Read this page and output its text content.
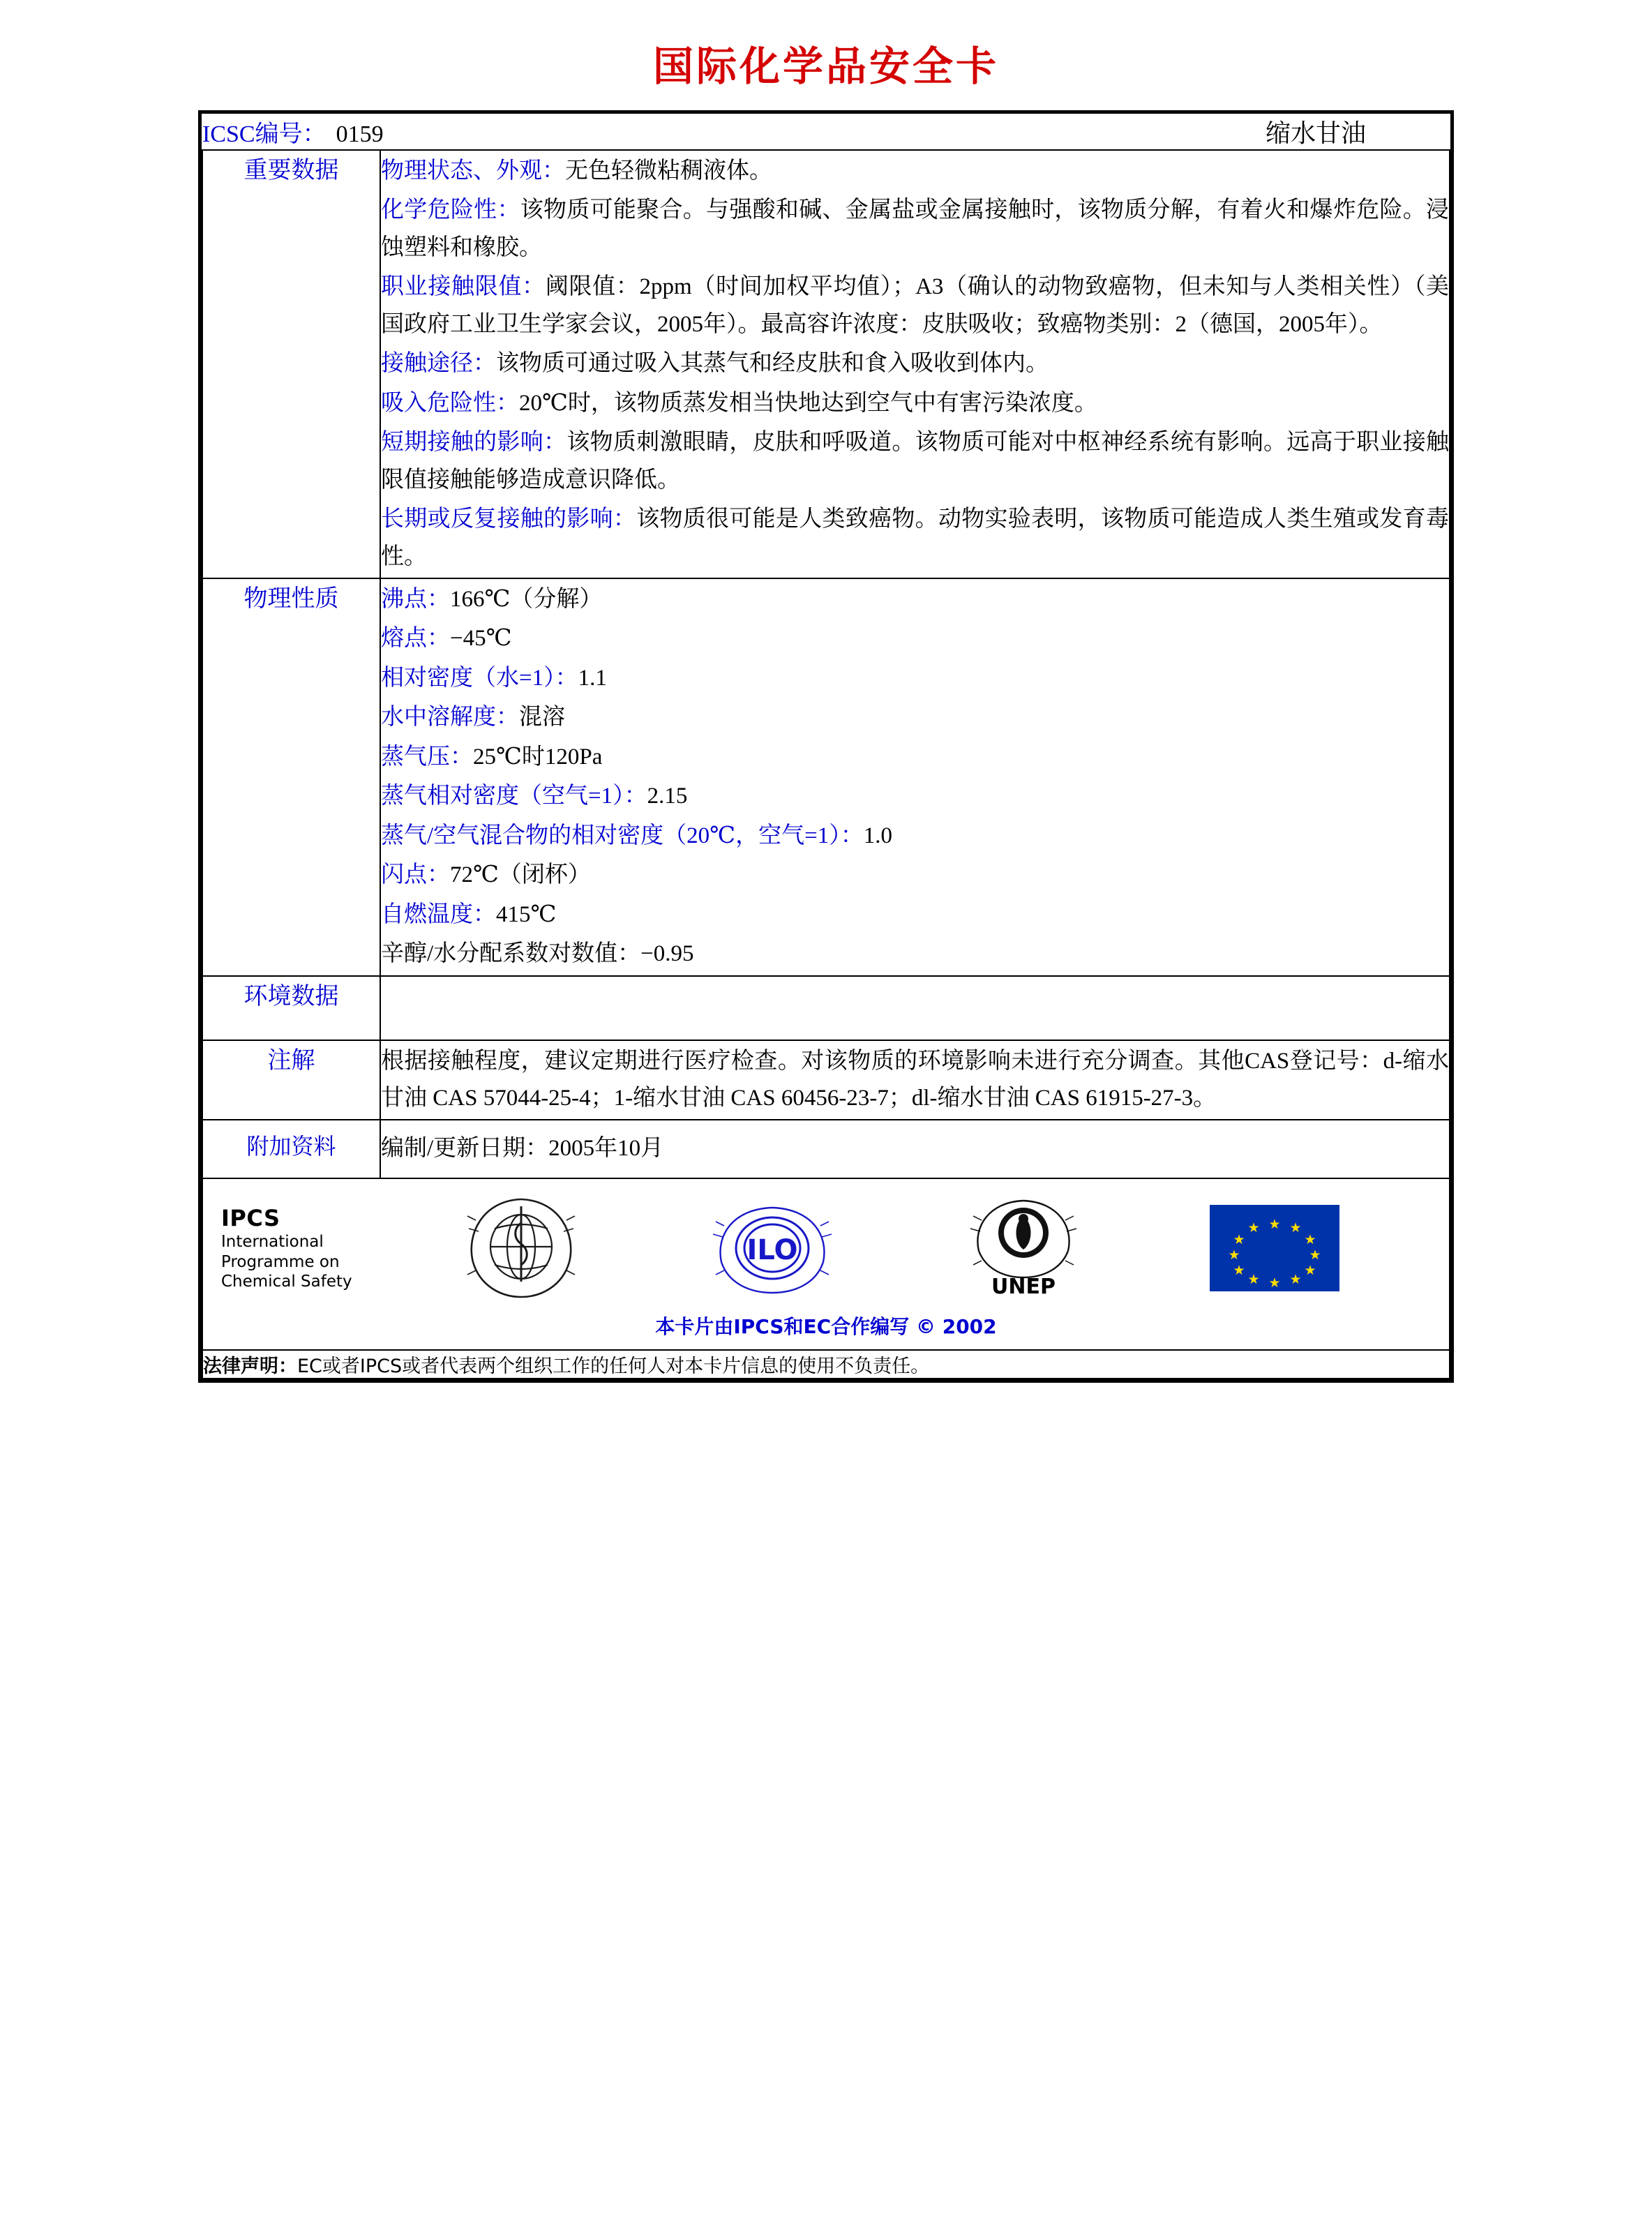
国际化学品安全卡
ICSC编号： 0159 缩水甘油	

重要数据	物理状态、外观：无色轻微粘稠液体。
化学危险性：该物质可能聚合。与强酸和碱、金属盐或金属接触时，该物质分解，有着火和爆炸危险。浸蚀塑料和橡胶。
职业接触限值：阈限值：2ppm（时间加权平均值）；A3（确认的动物致癌物，但未知与人类相关性）（美国政府工业卫生学家会议，2005年）。最高容许浓度：皮肤吸收；致癌物类别：2（德国，2005年）。
接触途径：该物质可通过吸入其蒸气和经皮肤和食入吸收到体内。
吸入危险性：20℃时，该物质蒸发相当快地达到空气中有害污染浓度。
短期接触的影响：该物质刺激眼睛，皮肤和呼吸道。该物质可能对中枢神经系统有影响。远高于职业接触限值接触能够造成意识降低。
长期或反复接触的影响：该物质很可能是人类致癌物。动物实验表明，该物质可能造成人类生殖或发育毒性。

物理性质	沸点：166℃（分解）
熔点：−45℃
相对密度（水=1）：1.1
水中溶解度：混溶
蒸气压：25℃时120Pa
蒸气相对密度（空气=1）：2.15
蒸气/空气混合物的相对密度（20℃，空气=1）：1.0
闪点：72℃（闭杯）
自燃温度：415℃
辛醇/水分配系数对数值：−0.95

环境数据	
注解	根据接触程度，建议定期进行医疗检查。对该物质的环境影响未进行充分调查。其他CAS登记号：d-缩水甘油 CAS 57044-25-4；1-缩水甘油 CAS 60456-23-7；dl-缩水甘油 CAS 61915-27-3。

附加资料	编制/更新日期：2005年10月

IPCS
International
Programme on
Chemical Safety
ILO
UNEP
★
★ ★
★	★
★	★
★	★
★ ★
★
本卡片由IPCS和EC合作编写 © 2002

法律声明：EC或者IPCS或者代表两个组织工作的任何人对本卡片信息的使用不负责任。	
